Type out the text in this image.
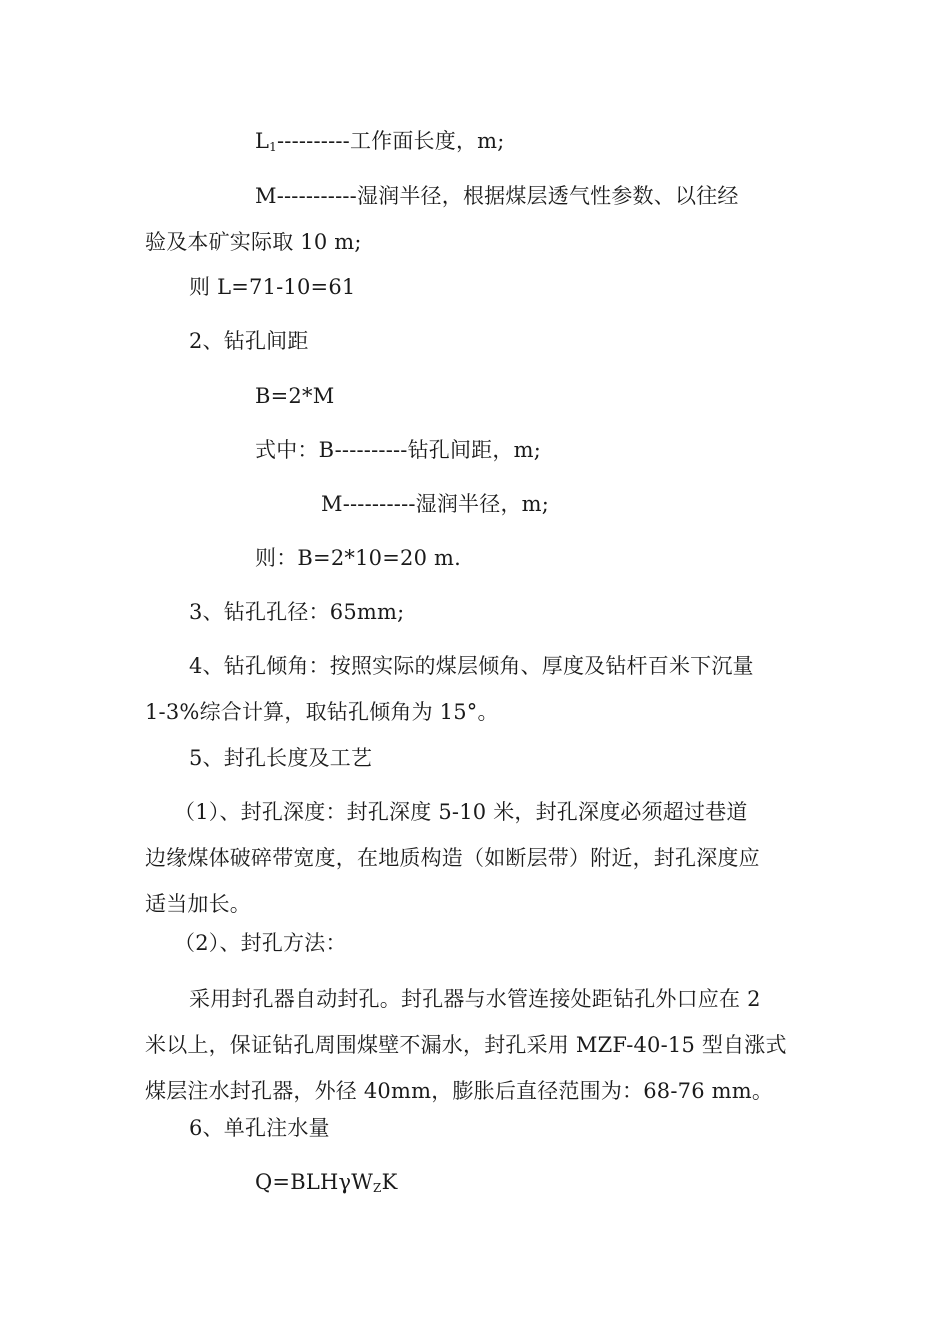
$L_1----------$工作面长度，m;
M-----------湿润半径，根据煤层透气性参数、以往经
验及本矿实际取 10 m;
则 L=71-10=61
2、钻孔间距
B=2*M
式中：B----------钻孔间距，m;
M----------湿润半径，m;
则：B=2*10=20 m.
3、钻孔孔径：65mm;
4、钻孔倾角：按照实际的煤层倾角、厚度及钻杆百米下沉量
1-3%综合计算，取钻孔倾角为 15°。
5、封孔长度及工艺
（1）、封孔深度：封孔深度 5-10 米，封孔深度必须超过巷道
边缘煤体破碎带宽度，在地质构造（如断层带）附近，封孔深度应
适当加长。
（2）、封孔方法：
采用封孔器自动封孔。封孔器与水管连接处距钻孔外口应在 2
米以上，保证钻孔周围煤壁不漏水，封孔采用 MZF-40-15 型自涨式
煤层注水封孔器，外径 40mm，膨胀后直径范围为：68-76 mm。
6、单孔注水量
Q=BLHγW$_Z$K
